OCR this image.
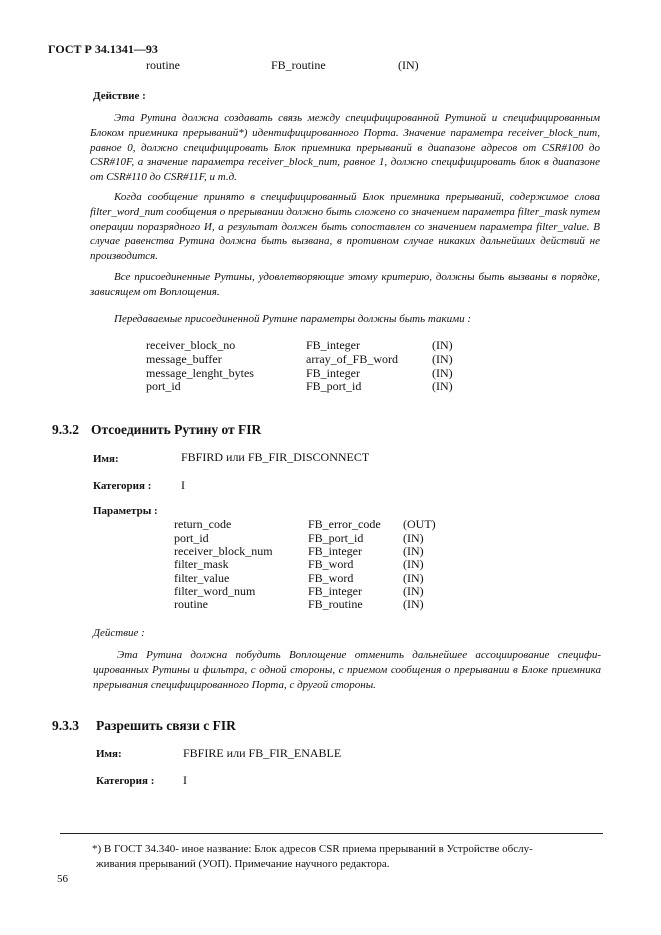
ГОСТ Р 34.1341—93
routine	FB_routine	(IN)
Действие :
Эта Рутина должна создавать связь между специфицированной Рутиной и специфицированным Блоком приемника прерываний*) идентифицированного Порта. Значение параметра receiver_block_num, равное 0, должно специфицировать Блок приемника прерываний в диапазоне адресов от CSR#100 до CSR#10F, а значение параметра receiver_block_num, равное 1, должно специфицировать блок в диапазоне от CSR#110 до CSR#11F, и т.д.
Когда сообщение принято в специфицированный Блок приемника прерываний, содержимое слова filter_word_num сообщения о прерывании должно быть сложено со значением параметра filter_mask путем операции поразрядного И, а результат должен быть сопоставлен со значением параметра filter_value. В случае равенства Рутина должна быть вызвана, в противном случае никаких дальнейших действий не производится.
Все присоединенные Рутины, удовлетворяющие этому критерию, должны быть вызваны в порядке, зависящем от Воплощения.
Передаваемые присоединенной Рутине параметры должны быть такими :
receiver_block_no	FB_integer	(IN)
message_buffer	array_of_FB_word	(IN)
message_lenght_bytes	FB_integer	(IN)
port_id	FB_port_id	(IN)
9.3.2 Отсоединить Рутину от FIR
Имя:	FBFIRD или FB_FIR_DISCONNECT
Категория : I
Параметры :
return_code	FB_error_code (OUT)
port_id	FB_port_id	(IN)
receiver_block_num	FB_integer	(IN)
filter_mask	FB_word	(IN)
filter_value	FB_word	(IN)
filter_word_num	FB_integer	(IN)
routine	FB_routine	(IN)
Действие :
Эта Рутина должна побудить Воплощение отменить дальнейшее ассоциирование специфицированных Рутины и фильтра, с одной стороны, с приемом сообщения о прерывании в Блоке приемника прерывания специфицированного Порта, с другой стороны.
9.3.3 Разрешить связи с FIR
Имя:	FBFIRE или FB_FIR_ENABLE
Категория : I
*) В ГОСТ 34.340- иное название: Блок адресов CSR приема прерываний в Устройстве обслу-
живания прерываний (УОП). Примечание научного редактора.
56
